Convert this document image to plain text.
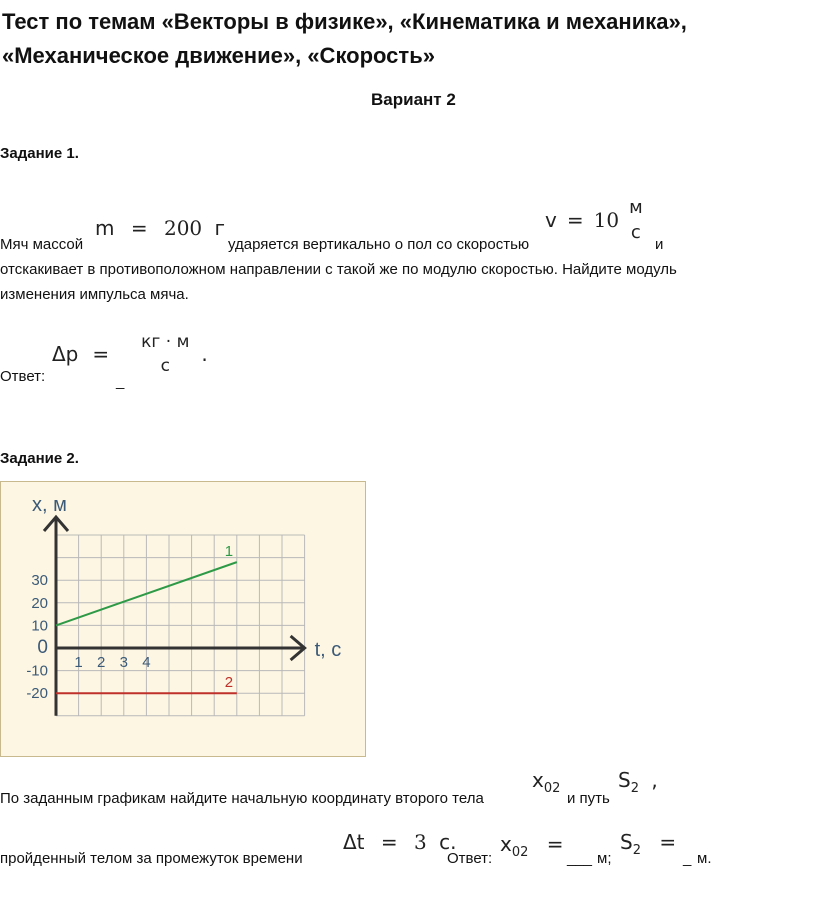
Тест по темам «Векторы в физике», «Кинематика и механика»,
«Механическое движение», «Скорость»
Вариант 2
Задание 1.
Мяч массой
m = 200 г
ударяется вертикально о пол со скоростью
v = 10
м
с
и
отскакивает в противоположном направлении с такой же по модулю скоростью. Найдите модуль
изменения импульса мяча.
Ответ:	_
Δp = кг · м
с	.
Задание 2.
x, м
t, с
30
20
10
0
-10
-20
1 2 3 4
1
2
По заданным графикам найдите начальную координату второго тела
$x_{02}$
и путь
$S_2$ ,
пройденный телом за промежуток времени
Δt = 3 с.
Ответ:
$x_{02}$ =
___ м;
$S_2$ =
_ м.
